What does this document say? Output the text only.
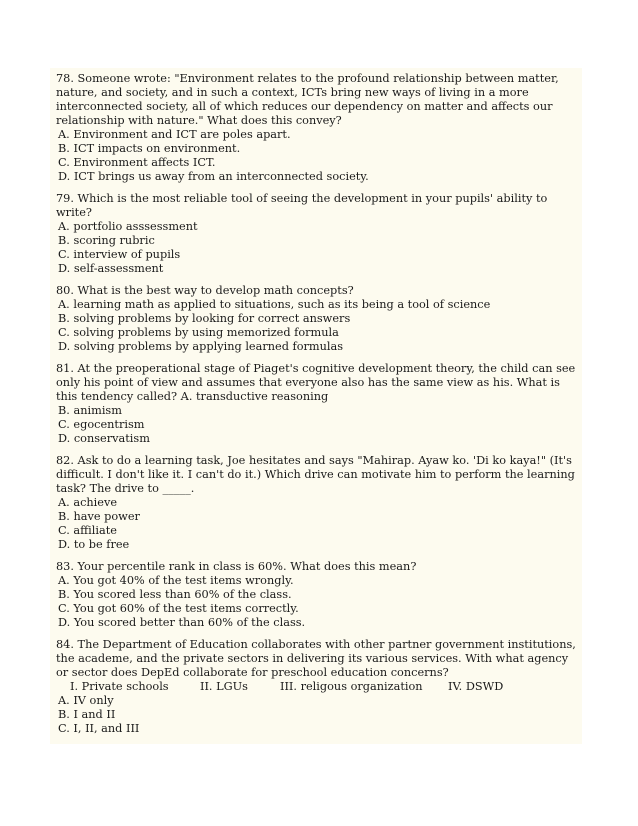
78. Someone wrote: "Environment relates to the profound relationship between matter, nature, and society, and in such a context, ICTs bring new ways of living in a more interconnected society, all of which reduces our dependency on matter and affects our relationship with nature." What does this convey?
A. Environment and ICT are poles apart.
B. ICT impacts on environment.
C. Environment affects ICT.
D. ICT brings us away from an interconnected society.
79. Which is the most reliable tool of seeing the development in your pupils' ability to write?
A. portfolio asssessment
B. scoring rubric
C. interview of pupils
D. self-assessment
80. What is the best way to develop math concepts?
A. learning math as applied to situations, such as its being a tool of science
B. solving problems by looking for correct answers
C. solving problems by using memorized formula
D. solving problems by applying learned formulas
81. At the preoperational stage of Piaget's cognitive development theory, the child can see only his point of view and assumes that everyone also has the same view as his. What is this tendency called? A. transductive reasoning
B. animism
C. egocentrism
D. conservatism
82. Ask to do a learning task, Joe hesitates and says "Mahirap. Ayaw ko. 'Di ko kaya!" (It's difficult. I don't like it. I can't do it.) Which drive can motivate him to perform the learning task? The drive to _____.
A. achieve
B. have power
C. affiliate
D. to be free
83. Your percentile rank in class is 60%. What does this mean?
A. You got 40% of the test items wrongly.
B. You scored less than 60% of the class.
C. You got 60% of the test items correctly.
D. You scored better than 60% of the class.
84. The Department of Education collaborates with other partner government institutions, the academe, and the private sectors in delivering its various services. With what agency or sector does DepEd collaborate for preschool education concerns?
I. Private schools	II. LGUs	III. religous organization IV. DSWD
A. IV only
B. I and II
C. I, II, and III
